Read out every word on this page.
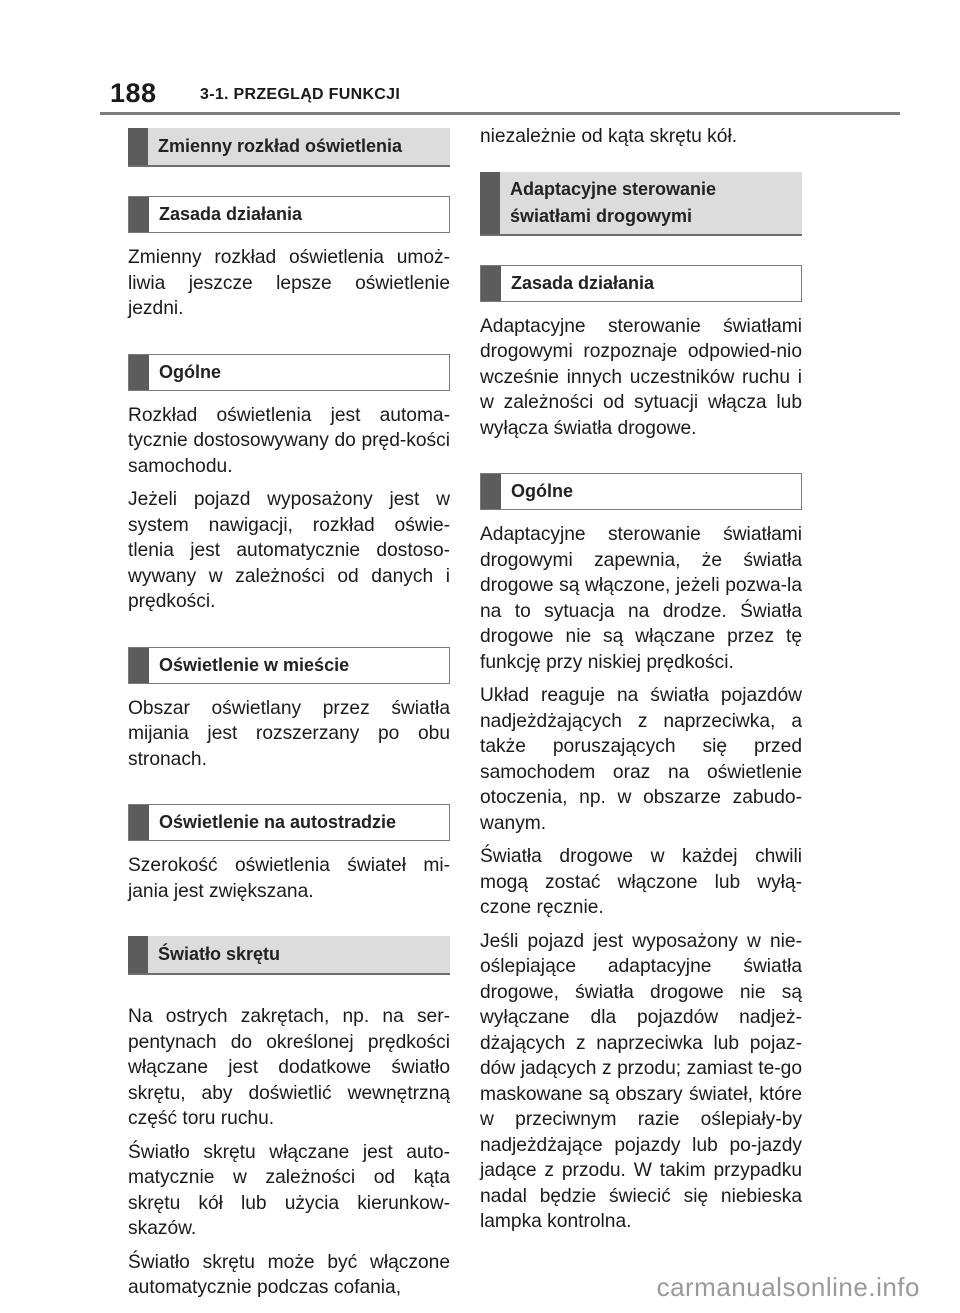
188	3-1. PRZEGLĄD FUNKCJI
Zmienny rozkład oświetlenia
Zasada działania

Zmienny rozkład oświetlenia umoż-liwia jeszcze lepsze oświetlenie jezdni.

Ogólne

Rozkład oświetlenia jest automa-tycznie dostosowywany do pręd-kości samochodu.

Jeżeli pojazd wyposażony jest w system nawigacji, rozkład oświe-tlenia jest automatycznie dostoso-wywany w zależności od danych i prędkości.

Oświetlenie w mieście

Obszar oświetlany przez światła mijania jest rozszerzany po obu stronach.

Oświetlenie na autostradzie

Szerokość oświetlenia świateł mi-jania jest zwiększana.

Światło skrętu

Na ostrych zakrętach, np. na ser-pentynach do określonej prędkości włączane jest dodatkowe światło skrętu, aby doświetlić wewnętrzną część toru ruchu.

Światło skrętu włączane jest auto-matycznie w zależności od kąta skrętu kół lub użycia kierunkow-skazów.

Światło skrętu może być włączone automatycznie podczas cofania,

niezależnie od kąta skrętu kół.

Adaptacyjne sterowanie światłami drogowymi
Zasada działania

Adaptacyjne sterowanie światłami drogowymi rozpoznaje odpowied-nio wcześnie innych uczestników ruchu i w zależności od sytuacji włącza lub wyłącza światła drogowe.

Ogólne

Adaptacyjne sterowanie światłami drogowymi zapewnia, że światła drogowe są włączone, jeżeli pozwa-la na to sytuacja na drodze. Światła drogowe nie są włączane przez tę funkcję przy niskiej prędkości.

Układ reaguje na światła pojazdów nadjeżdżających z naprzeciwka, a także poruszających się przed samochodem oraz na oświetlenie otoczenia, np. w obszarze zabudo-wanym.

Światła drogowe w każdej chwili mogą zostać włączone lub wyłą-czone ręcznie.

Jeśli pojazd jest wyposażony w nie-oślepiające adaptacyjne światła drogowe, światła drogowe nie są wyłączane dla pojazdów nadjeż-dżających z naprzeciwka lub pojaz-dów jadących z przodu; zamiast te-go maskowane są obszary świateł, które w przeciwnym razie oślepiały-by nadjeżdżające pojazdy lub po-jazdy jadące z przodu. W takim przypadku nadal będzie świecić się niebieska lampka kontrolna.

carmanualsonline.info
